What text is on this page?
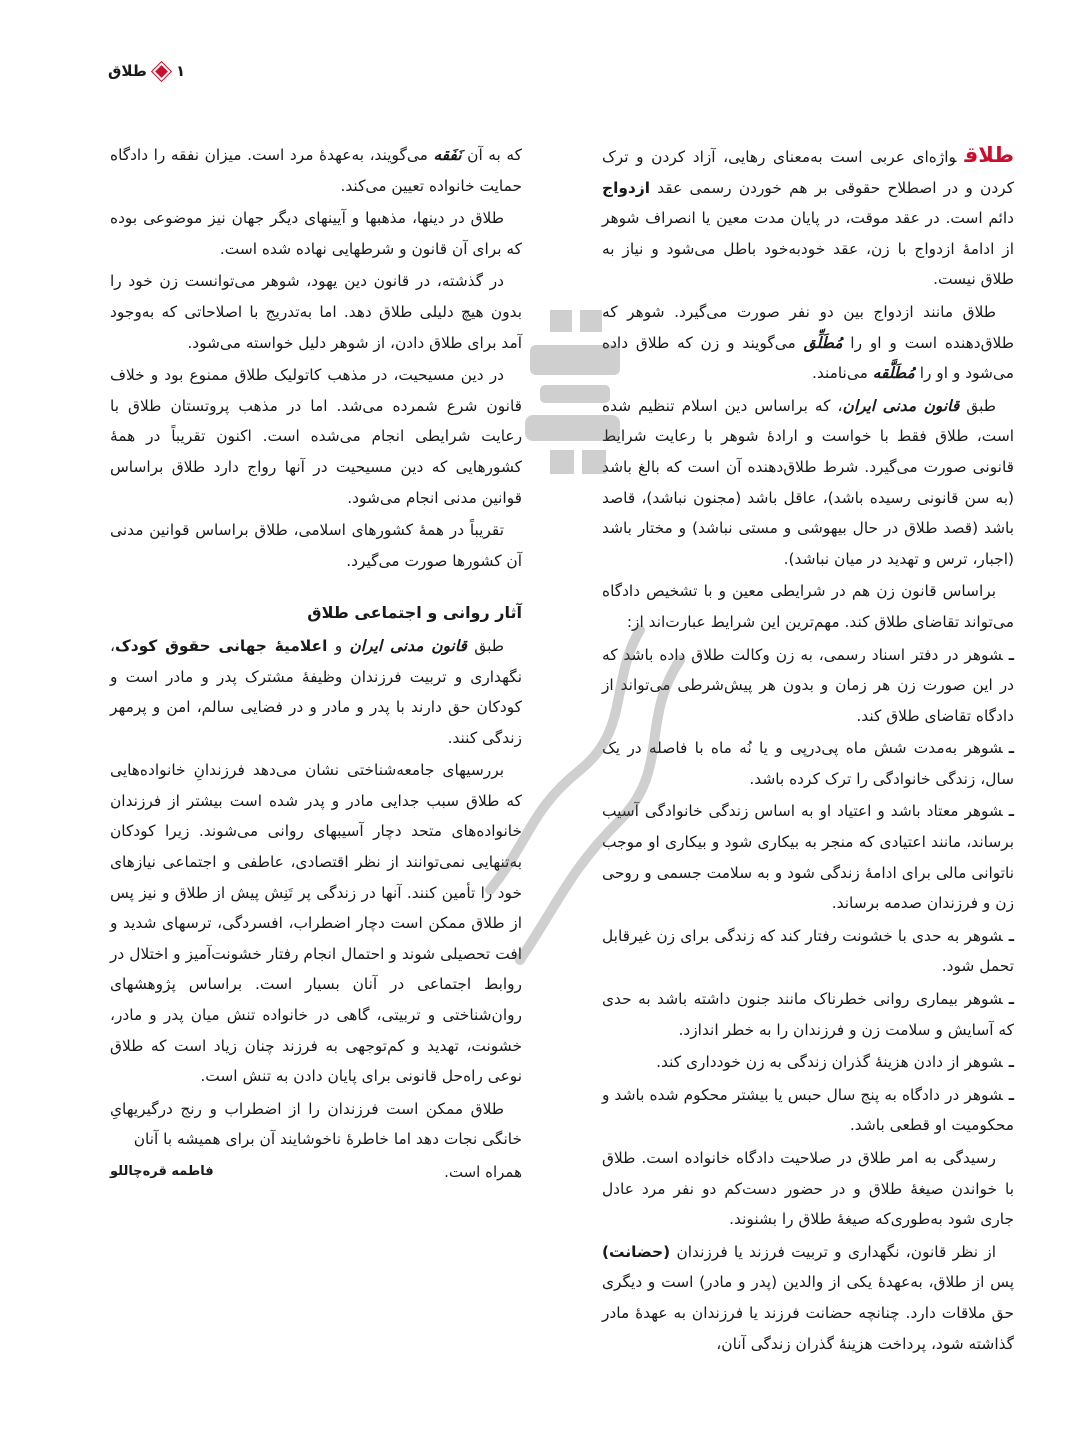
۱
طلاق

طلاقواژه‌ای عربی است به‌معنای رهایی، آزاد کردن و ترک کردن و در اصطلاح حقوقی بر هم خوردن رسمی عقد ازدواج دائم است. در عقد موقت، در پایان مدت معین یا انصراف شوهر از ادامهٔ ازدواج با زن، عقد خودبه‌خود باطل می‌شود و نیاز به طلاق نیست.

طلاق مانند ازدواج بین دو نفر صورت می‌گیرد. شوهر که طلاق‌دهنده است و او را مُطَلِّق می‌گویند و زن که طلاق داده می‌شود و او را مُطَلَّقه می‌نامند.

طبق قانون مدنی ایران، که براساس دین اسلام تنظیم شده است، طلاق فقط با خواست و ارادهٔ شوهر با رعایت شرایط قانونی صورت می‌گیرد. شرط طلاق‌دهنده آن است که بالغ باشد (به سن قانونی رسیده باشد)، عاقل باشد (مجنون نباشد)، قاصد باشد (قصد طلاق در حال بیهوشی و مستی نباشد) و مختار باشد (اجبار، ترس و تهدید در میان نباشد).

براساس قانون زن هم در شرایطی معین و با تشخیص دادگاه می‌تواند تقاضای طلاق کند. مهم‌ترین این شرایط عبارت‌اند از:

ـشوهر در دفتر اسناد رسمی، به زن وکالت طلاق داده باشد که در این صورت زن هر زمان و بدون هر پیش‌شرطی می‌تواند از دادگاه تقاضای طلاق کند.

ـشوهر به‌مدت شش ماه پی‌درپی و یا نُه ماه با فاصله در یک سال، زندگی خانوادگی را ترک کرده باشد.

ـشوهر معتاد باشد و اعتیاد او به اساس زندگی خانوادگی آسیب برساند، مانند اعتیادی که منجر به بیکاری شود و بیکاری او موجب ناتوانی مالی برای ادامهٔ زندگی شود و به سلامت جسمی و روحی زن و فرزندان صدمه برساند.

ـشوهر به حدی با خشونت رفتار کند که زندگی برای زن غیرقابل تحمل شود.

ـشوهر بیماری روانی خطرناک مانند جنون داشته باشد به حدی که آسایش و سلامت زن و فرزندان را به خطر اندازد.

ـشوهر از دادن هزینهٔ گذران زندگی به زن خودداری کند.

ـشوهر در دادگاه به پنج سال حبس یا بیشتر محکوم شده باشد و محکومیت او قطعی باشد.

رسیدگی به امر طلاق در صلاحیت دادگاه خانواده است. طلاق با خواندن صیغهٔ طلاق و در حضور دست‌کم دو نفر مرد عادل جاری شود به‌طوری‌که صیغهٔ طلاق را بشنوند.

از نظر قانون، نگهداری و تربیت فرزند یا فرزندان (حضانت) پس از طلاق، به‌عهدهٔ یکی از والدین (پدر و مادر) است و دیگری حق ملاقات دارد. چنانچه حضانت فرزند یا فرزندان به عهدهٔ مادر گذاشته شود، پرداخت هزینهٔ گذران زندگی آنان،

که به آن نَفَقه می‌گویند، به‌عهدهٔ مرد است. میزان نفقه را دادگاه حمایت خانواده تعیین می‌کند.

طلاق در دینها، مذهبها و آیینهای دیگر جهان نیز موضوعی بوده که برای آن قانون و شرطهایی نهاده شده است.

در گذشته، در قانون دین یهود، شوهر می‌توانست زن خود را بدون هیچ دلیلی طلاق دهد. اما به‌تدریج با اصلاحاتی که به‌وجود آمد برای طلاق دادن، از شوهر دلیل خواسته می‌شود.

در دین مسیحیت، در مذهب کاتولیک طلاق ممنوع بود و خلاف قانون شرع شمرده می‌شد. اما در مذهب پروتستان طلاق با رعایت شرایطی انجام می‌شده است. اکنون تقریباً در همهٔ کشورهایی که دین مسیحیت در آنها رواج دارد طلاق براساس قوانین مدنی انجام می‌شود.

تقریباً در همهٔ کشورهای اسلامی، طلاق براساس قوانین مدنی آن کشورها صورت می‌گیرد.

آثار روانی و اجتماعی طلاق

طبق قانون مدنی ایران و اعلامیهٔ جهانی حقوق کودک، نگهداری و تربیت فرزندان وظیفهٔ مشترک پدر و مادر است و کودکان حق دارند با پدر و مادر و در فضایی سالم، امن و پرمهر زندگی کنند.

بررسیهای جامعه‌شناختی نشان می‌دهد فرزندانِ خانواده‌هایی که طلاق سبب جدایی مادر و پدر شده است بیشتر از فرزندان خانواده‌های متحد دچار آسیبهای روانی می‌شوند. زیرا کودکان به‌تنهایی نمی‌توانند از نظر اقتصادی، عاطفی و اجتماعی نیازهای خود را تأمین کنند. آنها در زندگی پر تَنِش پیش از طلاق و نیز پس از طلاق ممکن است دچار اضطراب، افسردگی، ترسهای شدید و افت تحصیلی شوند و احتمال انجام رفتار خشونت‌آمیز و اختلال در روابط اجتماعی در آنان بسیار است. براساس پژوهشهای روان‌شناختی و تربیتی، گاهی در خانواده تنش میان پدر و مادر، خشونت، تهدید و کم‌توجهی به فرزند چنان زیاد است که طلاق نوعی راه‌حل قانونی برای پایان دادن به تنش است.

طلاق ممکن است فرزندان را از اضطراب و رنج درگیریهایِ خانگی نجات دهد اما خاطرهٔ ناخوشایند آن برای همیشه با آنان

همراه است.
فاطمه قره‌چاللو
